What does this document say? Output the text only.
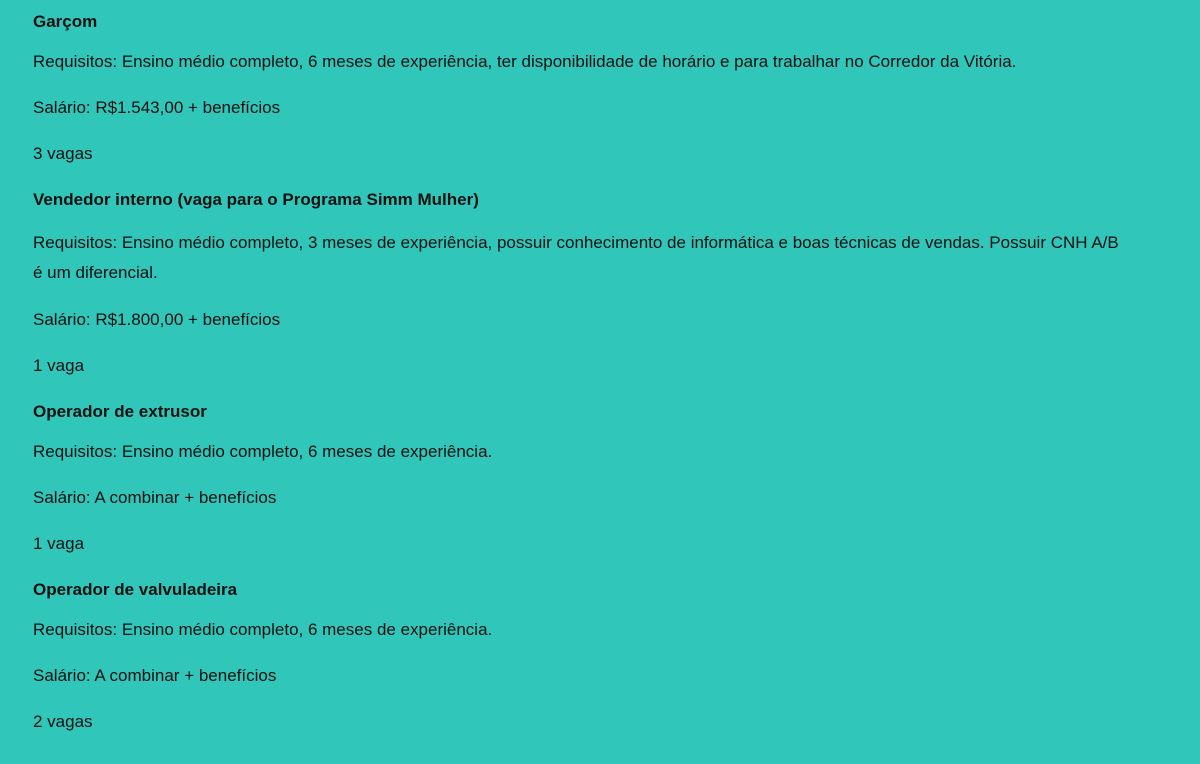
Garçom

Requisitos: Ensino médio completo, 6 meses de experiência, ter disponibilidade de horário e para trabalhar no Corredor da Vitória.

Salário: R$1.543,00 + benefícios

3 vagas

Vendedor interno (vaga para o Programa Simm Mulher)

Requisitos: Ensino médio completo, 3 meses de experiência, possuir conhecimento de informática e boas técnicas de vendas. Possuir CNH A/B é um diferencial.

Salário: R$1.800,00 + benefícios

1 vaga

Operador de extrusor

Requisitos: Ensino médio completo, 6 meses de experiência.

Salário: A combinar + benefícios

1 vaga

Operador de valvuladeira

Requisitos: Ensino médio completo, 6 meses de experiência.

Salário: A combinar + benefícios

2 vagas
